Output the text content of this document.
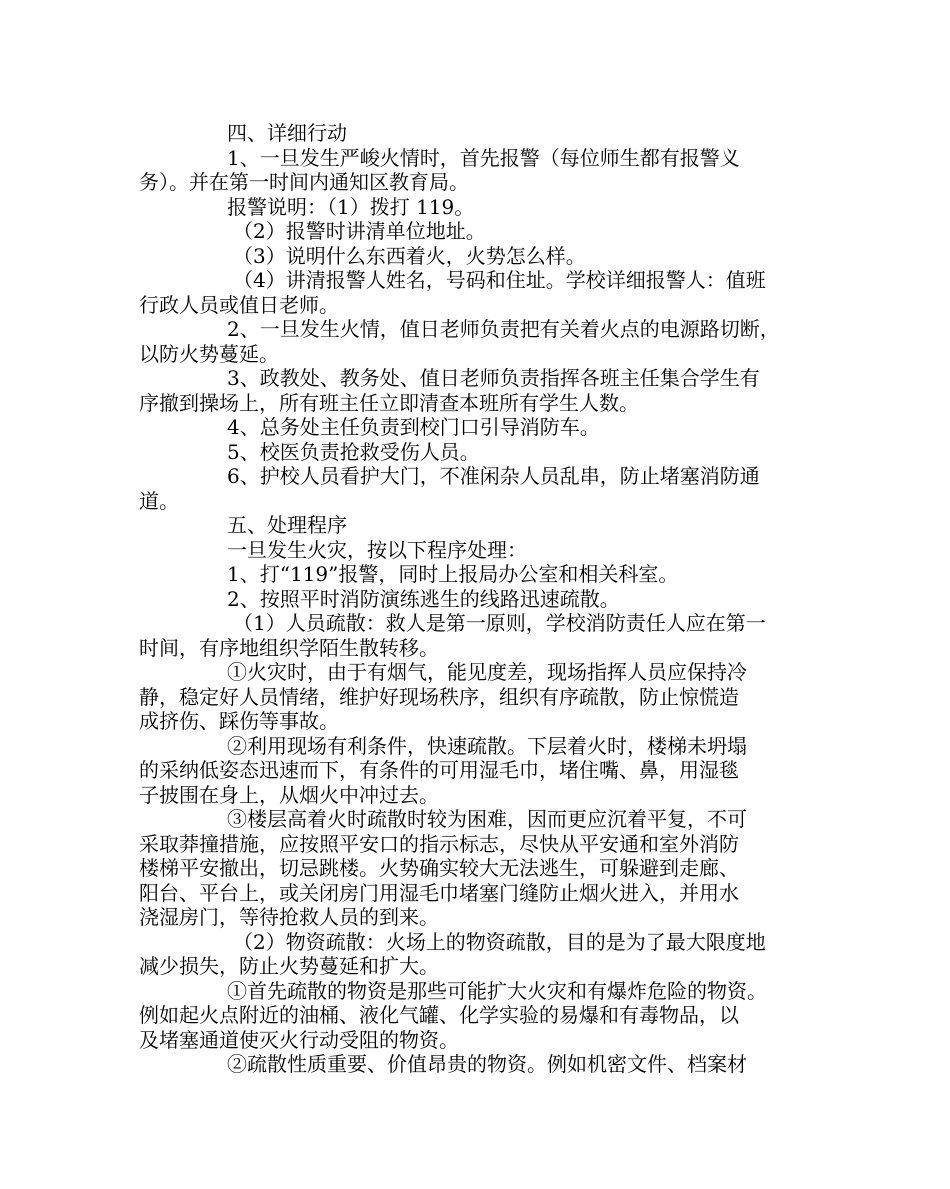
四、详细行动

1、一旦发生严峻火情时，首先报警（每位师生都有报警义

务）。并在第一时间内通知区教育局。

报警说明：（1）拨打 119。

（2）报警时讲清单位地址。

（3）说明什么东西着火，火势怎么样。

（4）讲清报警人姓名，号码和住址。学校详细报警人：值班

行政人员或值日老师。

2、一旦发生火情，值日老师负责把有关着火点的电源路切断，

以防火势蔓延。

3、政教处、教务处、值日老师负责指挥各班主任集合学生有

序撤到操场上，所有班主任立即清查本班所有学生人数。

4、总务处主任负责到校门口引导消防车。

5、校医负责抢救受伤人员。

6、护校人员看护大门，不准闲杂人员乱串，防止堵塞消防通

道。

五、处理程序

一旦发生火灾，按以下程序处理：

1、打“119”报警，同时上报局办公室和相关科室。

2、按照平时消防演练逃生的线路迅速疏散。

（1）人员疏散：救人是第一原则，学校消防责任人应在第一

时间，有序地组织学陌生散转移。

①火灾时，由于有烟气，能见度差，现场指挥人员应保持冷

静，稳定好人员情绪，维护好现场秩序，组织有序疏散，防止惊慌造

成挤伤、踩伤等事故。

②利用现场有利条件，快速疏散。下层着火时，楼梯未坍塌

的采纳低姿态迅速而下，有条件的可用湿毛巾，堵住嘴、鼻，用湿毯

子披围在身上，从烟火中冲过去。

③楼层高着火时疏散时较为困难，因而更应沉着平复，不可

采取莽撞措施，应按照平安口的指示标志，尽快从平安通和室外消防

楼梯平安撤出，切忌跳楼。火势确实较大无法逃生，可躲避到走廊、

阳台、平台上，或关闭房门用湿毛巾堵塞门缝防止烟火进入，并用水

浇湿房门，等待抢救人员的到来。

（2）物资疏散：火场上的物资疏散，目的是为了最大限度地

减少损失，防止火势蔓延和扩大。

①首先疏散的物资是那些可能扩大火灾和有爆炸危险的物资。

例如起火点附近的油桶、液化气罐、化学实验的易爆和有毒物品，以

及堵塞通道使灭火行动受阻的物资。

②疏散性质重要、价值昂贵的物资。例如机密文件、档案材
